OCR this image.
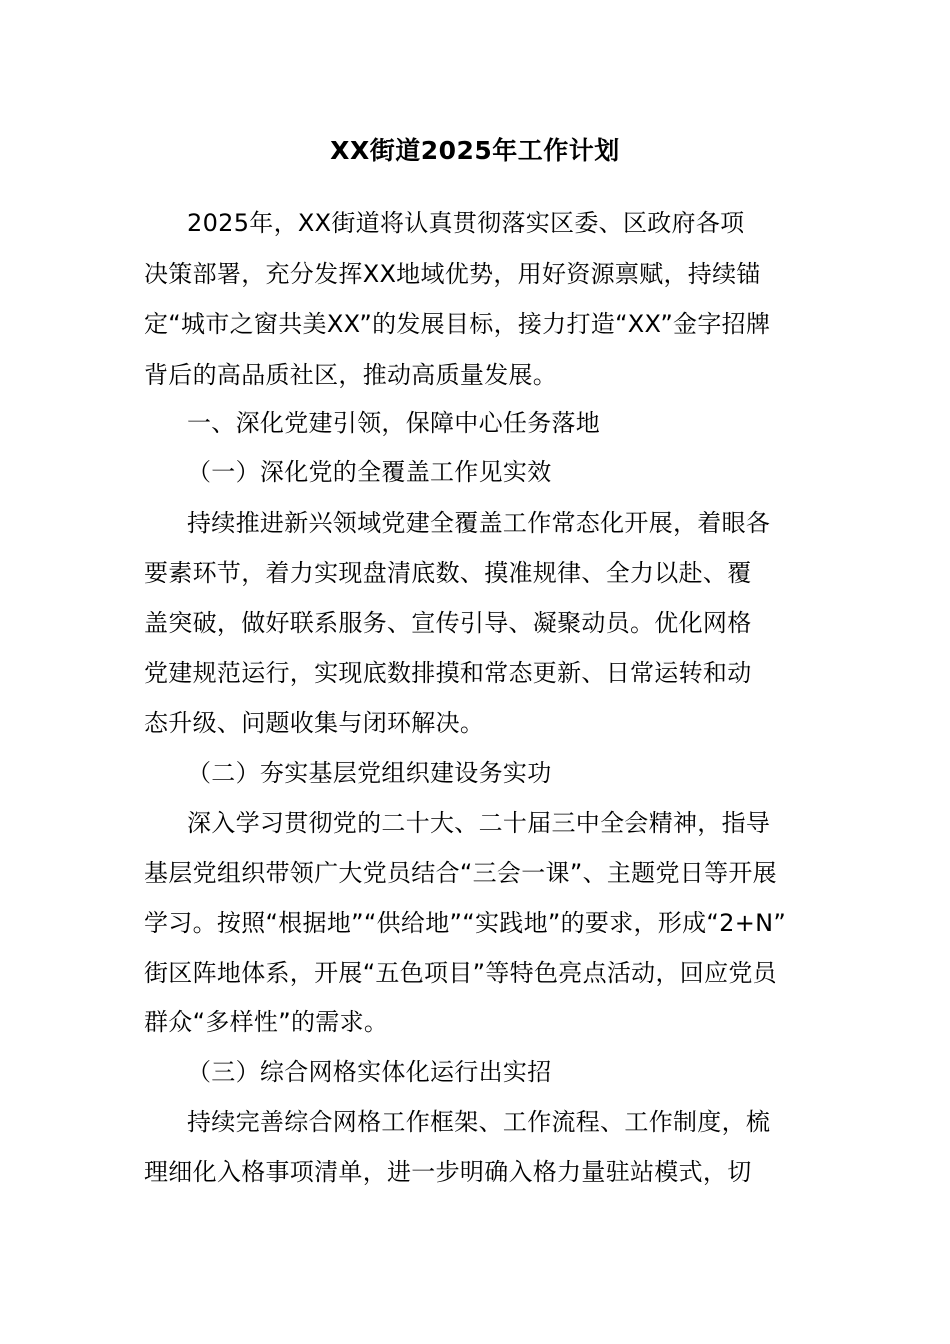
XX街道2025年工作计划
2025年，XX街道将认真贯彻落实区委、区政府各项
决策部署，充分发挥XX地域优势，用好资源禀赋，持续锚
定“城市之窗共美XX”的发展目标，接力打造“XX”金字招牌
背后的高品质社区，推动高质量发展。
一、深化党建引领，保障中心任务落地
（一）深化党的全覆盖工作见实效
持续推进新兴领域党建全覆盖工作常态化开展，着眼各
要素环节，着力实现盘清底数、摸准规律、全力以赴、覆
盖突破，做好联系服务、宣传引导、凝聚动员。优化网格
党建规范运行，实现底数排摸和常态更新、日常运转和动
态升级、问题收集与闭环解决。
（二）夯实基层党组织建设务实功
深入学习贯彻党的二十大、二十届三中全会精神，指导
基层党组织带领广大党员结合“三会一课”、主题党日等开展
学习。按照“根据地”“供给地”“实践地”的要求，形成“2+N”
街区阵地体系，开展“五色项目”等特色亮点活动，回应党员
群众“多样性”的需求。
（三）综合网格实体化运行出实招
持续完善综合网格工作框架、工作流程、工作制度，梳
理细化入格事项清单，进一步明确入格力量驻站模式，切
